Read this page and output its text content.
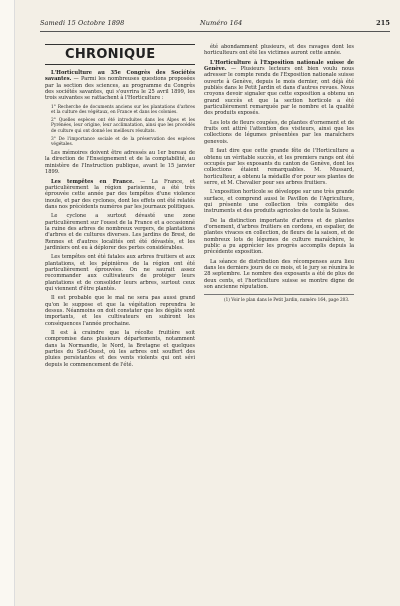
Samedi 15 Octobre 1898	Numéro 164	215
CHRONIQUE

L'Horticulture au 35e Congrès des Sociétés savantes. — Parmi les nombreuses questions proposées par la section des sciences, au programme du Congrès des sociétés savantes, qui s'ouvrira le 25 avril 1899, les trois suivantes se rattachent à l'Horticulture :

1° Recherche de documents anciens sur les plantations d'arbres et la culture des végétaux, en France et dans les colonies.

2° Quelles espèces ont été introduites dans les Alpes et les Pyrénées, leur origine, leur acclimatation, ainsi que les procédés de culture qui ont donné les meilleurs résultats.

3° De l'importance sociale et de la préservation des espèces végétales.

Les mémoires doivent être adressés au 1er bureau de la direction de l'Enseignement et de la comptabilité, au ministère de l'Instruction publique, avant le 15 janvier 1899.

Les tempêtes en France. — La France, et particulièrement la région parisienne, a été très éprouvée cette année par des tempêtes d'une violence inouïe, et par des cyclones, dont les effets ont été relatés dans nos précédents numéros par les journaux politiques.

Le cyclone a surtout dévasté une zone particulièrement sur l'ouest de la France et a occasionné la ruine des arbres de nombreux vergers, de plantations d'arbres et de cultures diverses. Les jardins de Brest, de Rennes et d'autres localités ont été dévastés, et les jardiniers ont eu à déplorer des pertes considérables.

Les tempêtes ont été fatales aux arbres fruitiers et aux plantations, et les pépinières de la région ont été particulièrement éprouvées. On ne saurait assez recommander aux cultivateurs de protéger leurs plantations et de consolider leurs arbres, surtout ceux qui viennent d'être plantés.

Il est probable que le mal ne sera pas aussi grand qu'on le suppose et que la végétation reprendra le dessus. Néanmoins on doit constater que les dégâts sont importants, et les cultivateurs en subiront les conséquences l'année prochaine.

Il est à craindre que la récolte fruitière soit compromise dans plusieurs départements, notamment dans la Normandie, le Nord, la Bretagne et quelques parties du Sud-Ouest, où les arbres ont souffert des pluies persistantes et des vents violents qui ont sévi depuis le commencement de l'été.

été abondamment plusieurs, et des ravages dont les horticulteurs ont été les victimes auront cette année.

L'Horticulture à l'Exposition nationale suisse de Genève. — Plusieurs lecteurs ont bien voulu nous adresser le compte rendu de l'Exposition nationale suisse ouverte à Genève, depuis le mois dernier, ont déjà été publiés dans le Petit Jardin et dans d'autres revues. Nous croyons devoir signaler que cette exposition a obtenu un grand succès et que la section horticole a été particulièrement remarquée par le nombre et la qualité des produits exposés.

Les lots de fleurs coupées, de plantes d'ornement et de fruits ont attiré l'attention des visiteurs, ainsi que les collections de légumes présentées par les maraîchers genevois.

Il faut dire que cette grande fête de l'Horticulture a obtenu un véritable succès, et les premiers rangs ont été occupés par les exposants du canton de Genève, dont les collections étaient remarquables. M. Mussard, horticulteur, a obtenu la médaille d'or pour ses plantes de serre, et M. Chevalier pour ses arbres fruitiers.

L'exposition horticole se développe sur une très grande surface, et comprend aussi le Pavillon de l'Agriculture, qui présente une collection très complète des instruments et des produits agricoles de toute la Suisse.

De la distinction importante d'arbres et de plantes d'ornement, d'arbres fruitiers en cordons, en espalier, de plantes vivaces en collection, de fleurs de la saison, et de nombreux lots de légumes de culture maraîchère, le public a pu apprécier les progrès accomplis depuis la précédente exposition.

La séance de distribution des récompenses aura lieu dans les derniers jours de ce mois, et le jury se réunira le 28 septembre. Le nombre des exposants a été de plus de deux cents, et l'horticulture suisse se montre digne de son ancienne réputation.

(1) Voir le plan dans le Petit Jardin, numéro 164, page 203.
